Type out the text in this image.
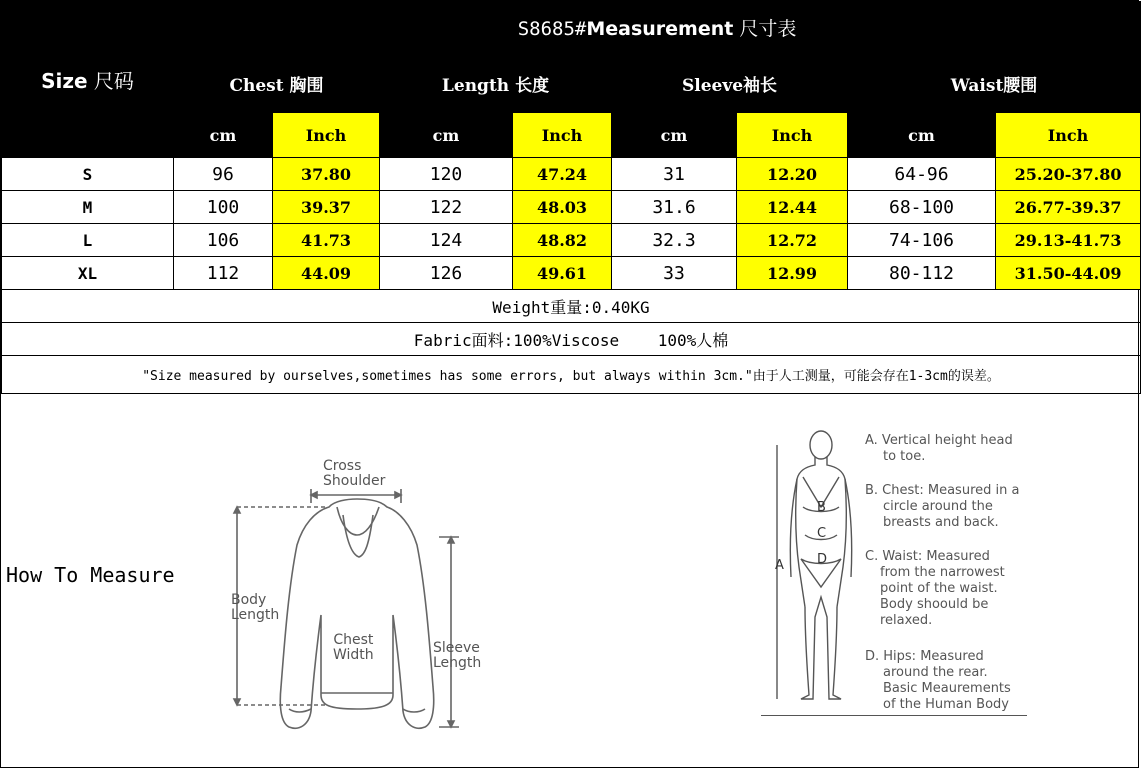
Size 尺码	S8685#Measurement 尺寸表							
	Chest 胸围		Length 长度		Sleeve袖长		Waist腰围	
	cm	Inch	cm	Inch	cm	Inch	cm	Inch
S	96	37.80	120	47.24	31	12.20	64-96	25.20-37.80
M	100	39.37	122	48.03	31.6	12.44	68-100	26.77-39.37
L	106	41.73	124	48.82	32.3	12.72	74-106	29.13-41.73
XL	112	44.09	126	49.61	33	12.99	80-112	31.50-44.09
Weight重量:0.40KG								
Fabric面料:100%Viscose    100%人棉								
"Size measured by ourselves,sometimes has some errors, but always within 3cm."由于人工测量，可能会存在1-3cm的误差。								
How To Measure
Cross
Shoulder
Body
Length
Chest
Width	Sleeve
Length
B
C
D
A
A. Vertical height head
to toe.
B. Chest: Measured in a
circle around the
breasts and back.
C. Waist: Measured
from the narrowest
point of the waist.
Body shoould be
relaxed.
D. Hips: Measured
around the rear.
Basic Meaurements
of the Human Body
